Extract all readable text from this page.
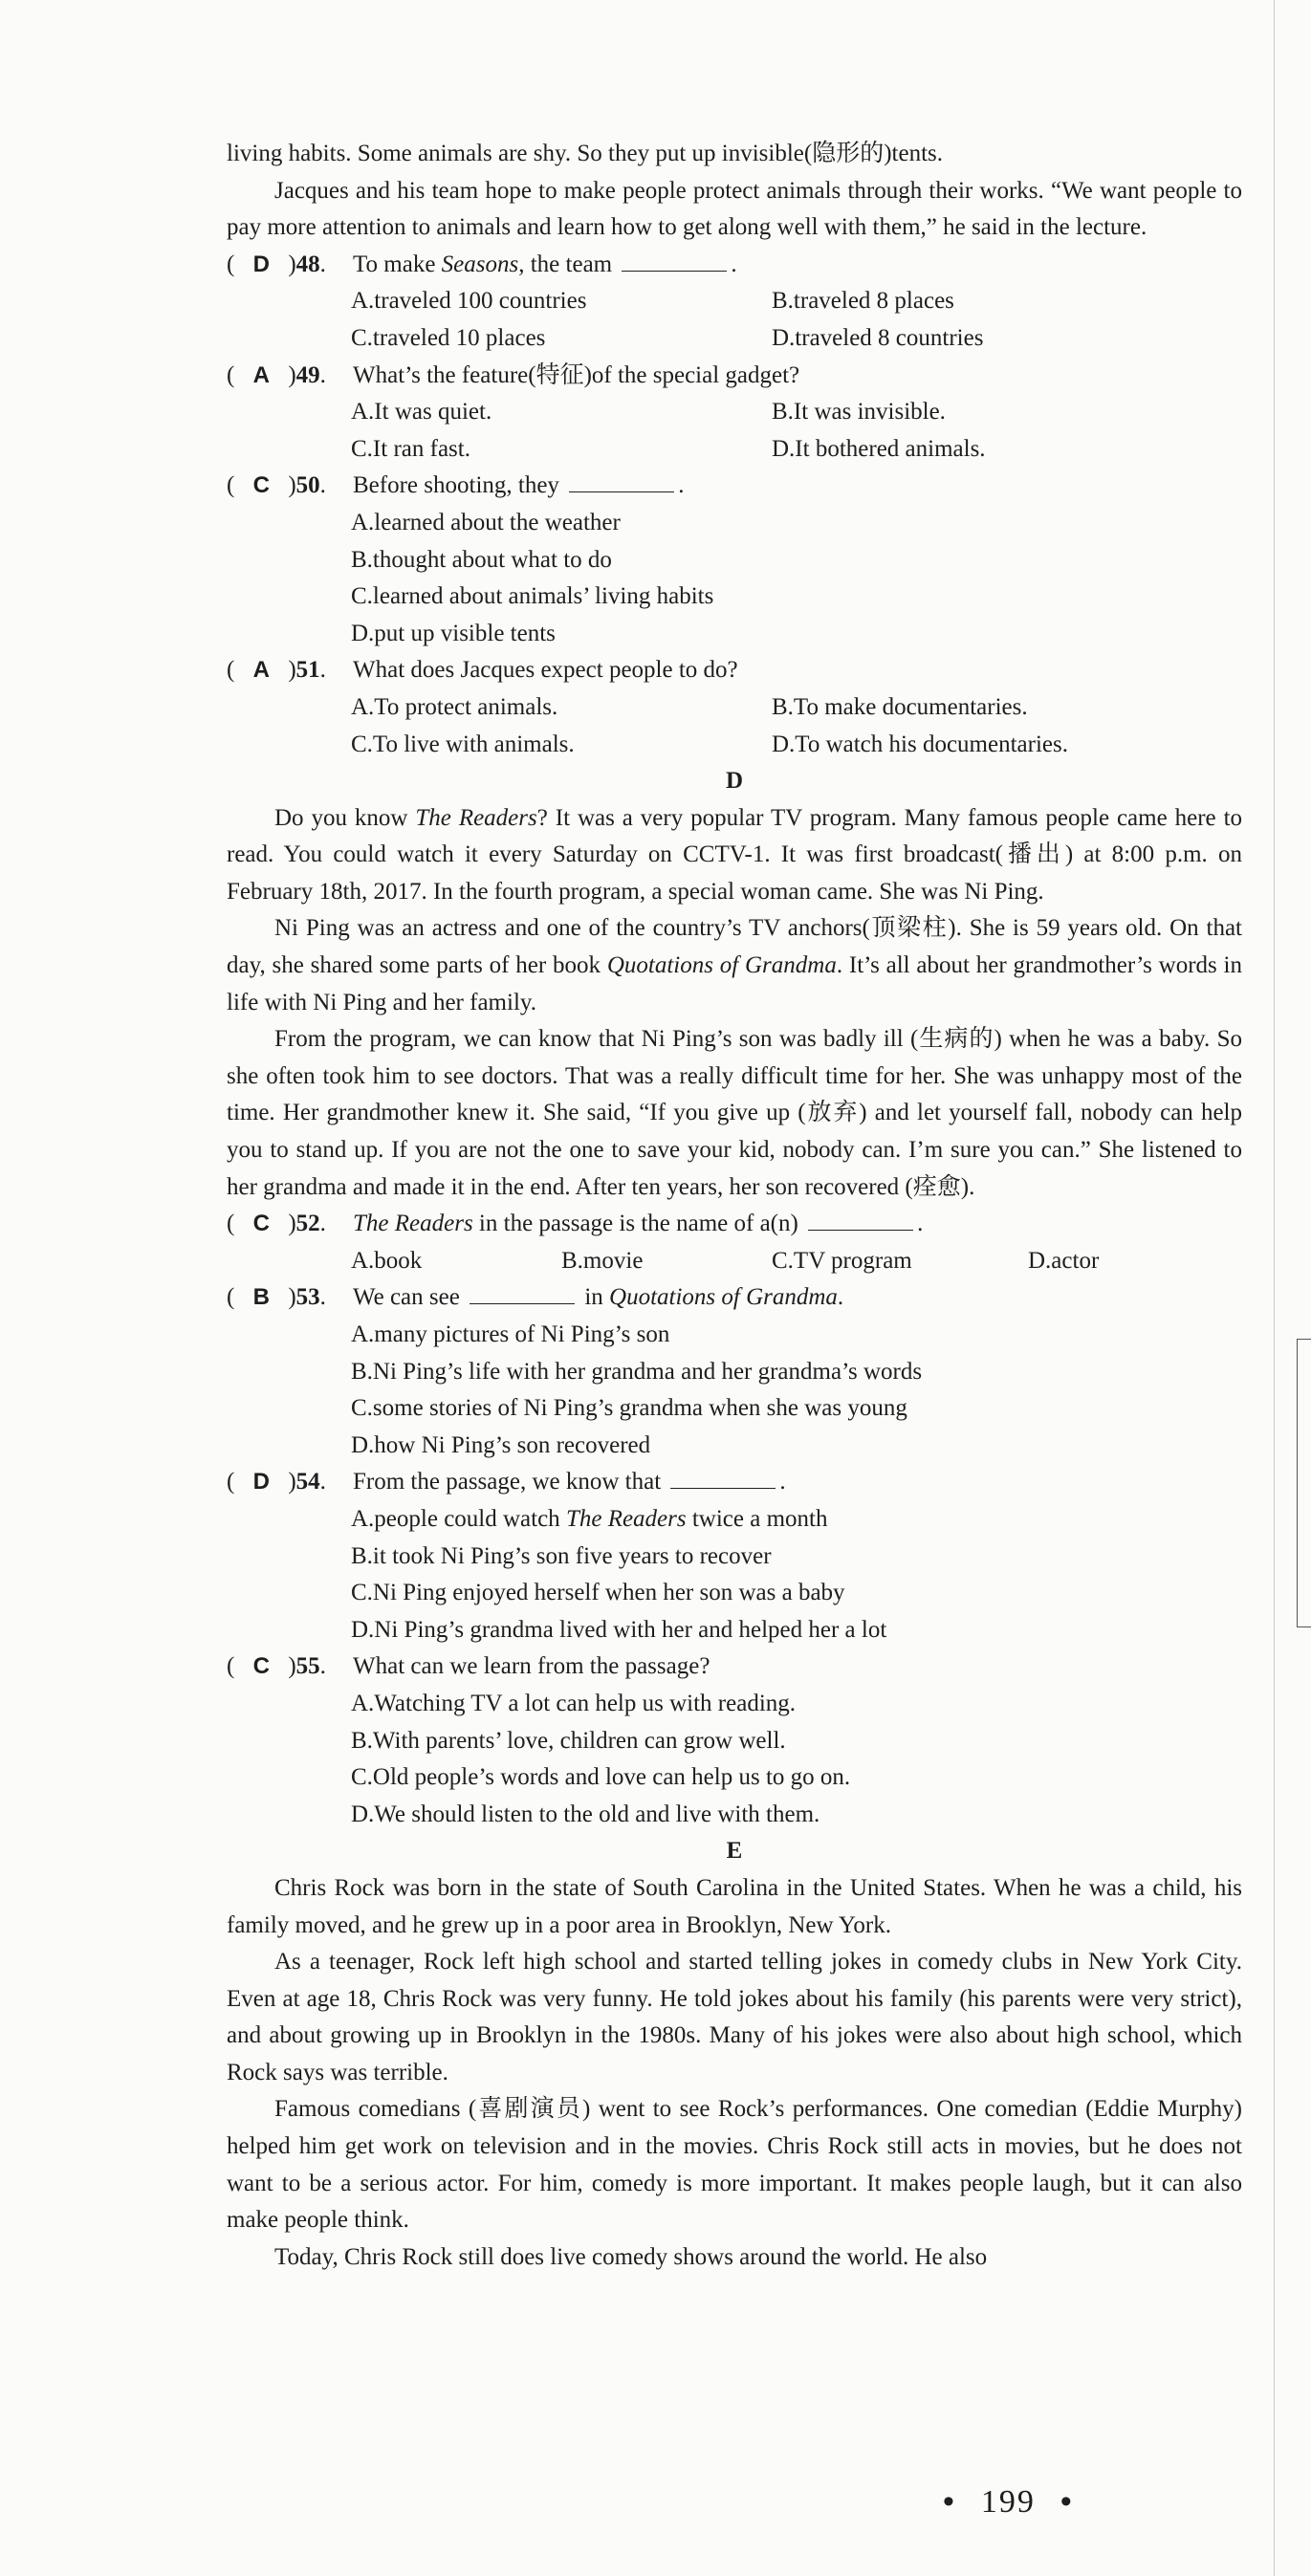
living habits. Some animals are shy. So they put up invisible(隐形的)tents.

Jacques and his team hope to make people protect animals through their works. “We want people to pay more attention to animals and learn how to get along well with them,” he said in the lecture.

( D )48.	To make Seasons, the team	.
A.traveled 100 countries	B.traveled 8 places
C.traveled 10 places	D.traveled 8 countries
( A )49.	What’s the feature(特征)of the special gadget?
A.It was quiet.	B.It was invisible.
C.It ran fast.	D.It bothered animals.
( C )50.	Before shooting, they	.
A.learned about the weather
B.thought about what to do
C.learned about animals’ living habits
D.put up visible tents
( A )51.	What does Jacques expect people to do?
A.To protect animals.	B.To make documentaries.
C.To live with animals.	D.To watch his documentaries.
D

Do you know The Readers? It was a very popular TV program. Many famous people came here to read. You could watch it every Saturday on CCTV-1. It was first broadcast(播出) at 8:00 p.m. on February 18th, 2017. In the fourth program, a special woman came. She was Ni Ping.

Ni Ping was an actress and one of the country’s TV anchors(顶梁柱). She is 59 years old. On that day, she shared some parts of her book Quotations of Grandma. It’s all about her grandmother’s words in life with Ni Ping and her family.

From the program, we can know that Ni Ping’s son was badly ill (生病的) when he was a baby. So she often took him to see doctors. That was a really difficult time for her. She was unhappy most of the time. Her grandmother knew it. She said, “If you give up (放弃) and let yourself fall, nobody can help you to stand up. If you are not the one to save your kid, nobody can. I’m sure you can.” She listened to her grandma and made it in the end. After ten years, her son recovered (痊愈).

( C )52.	The Readers in the passage is the name of a(n)	.
A.book	B.movie	C.TV program	D.actor
( B )53.	We can see	in Quotations of Grandma.
A.many pictures of Ni Ping’s son
B.Ni Ping’s life with her grandma and her grandma’s words
C.some stories of Ni Ping’s grandma when she was young
D.how Ni Ping’s son recovered
( D )54.	From the passage, we know that	.
A.people could watch The Readers twice a month
B.it took Ni Ping’s son five years to recover
C.Ni Ping enjoyed herself when her son was a baby
D.Ni Ping’s grandma lived with her and helped her a lot
( C )55.	What can we learn from the passage?
A.Watching TV a lot can help us with reading.
B.With parents’ love, children can grow well.
C.Old people’s words and love can help us to go on.
D.We should listen to the old and live with them.
E

Chris Rock was born in the state of South Carolina in the United States. When he was a child, his family moved, and he grew up in a poor area in Brooklyn, New York.

As a teenager, Rock left high school and started telling jokes in comedy clubs in New York City. Even at age 18, Chris Rock was very funny. He told jokes about his family (his parents were very strict), and about growing up in Brooklyn in the 1980s. Many of his jokes were also about high school, which Rock says was terrible.

Famous comedians (喜剧演员) went to see Rock’s performances. One comedian (Eddie Murphy) helped him get work on television and in the movies. Chris Rock still acts in movies, but he does not want to be a serious actor. For him, comedy is more important. It makes people laugh, but it can also make people think.

Today, Chris Rock still does live comedy shows around the world. He also

• 199 •
